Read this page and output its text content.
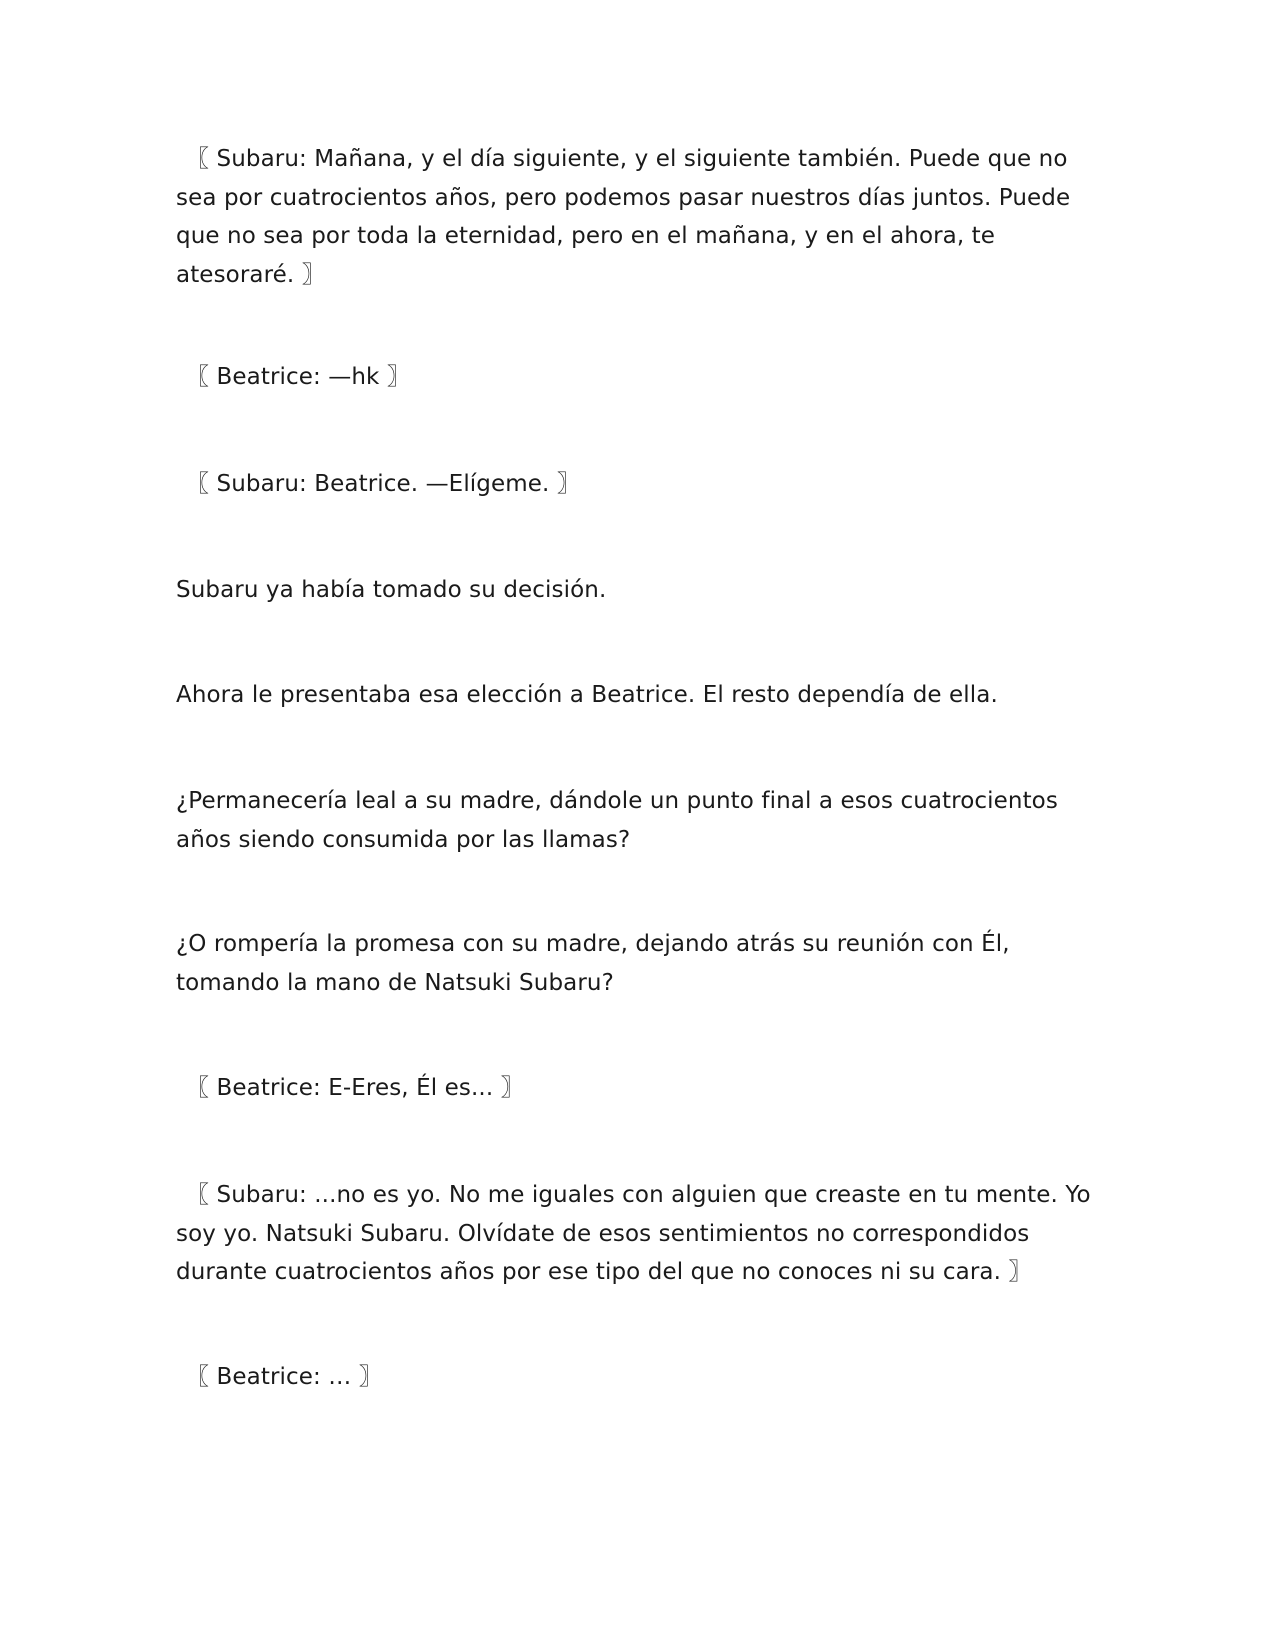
〖 Subaru: Mañana, y el día siguiente, y el siguiente también. Puede que no sea por cuatrocientos años, pero podemos pasar nuestros días juntos. Puede que no sea por toda la eternidad, pero en el mañana, y en el ahora, te atesoraré. 〗

〖 Beatrice: —hk 〗

〖 Subaru: Beatrice. —Elígeme. 〗

Subaru ya había tomado su decisión.

Ahora le presentaba esa elección a Beatrice. El resto dependía de ella.

¿Permanecería leal a su madre, dándole un punto final a esos cuatrocientos años siendo consumida por las llamas?

¿O rompería la promesa con su madre, dejando atrás su reunión con Él, tomando la mano de Natsuki Subaru?

〖 Beatrice: E-Eres, Él es... 〗

〖 Subaru: ...no es yo. No me iguales con alguien que creaste en tu mente. Yo soy yo. Natsuki Subaru. Olvídate de esos sentimientos no correspondidos durante cuatrocientos años por ese tipo del que no conoces ni su cara. 〗

〖 Beatrice: … 〗
